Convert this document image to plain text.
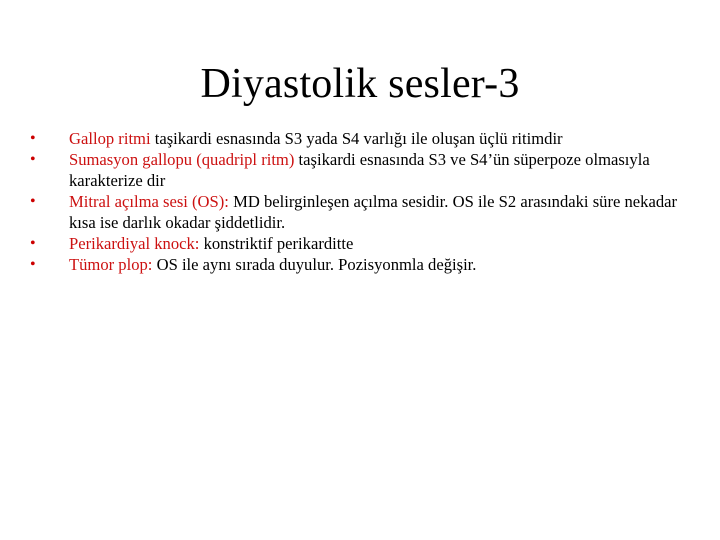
Diyastolik sesler-3
• Gallop ritmi taşikardi esnasında S3 yada S4 varlığı ile oluşan üçlü ritimdir
• Sumasyon gallopu (quadripl ritm) taşikardi esnasında S3 ve S4’ün süperpoze olmasıyla karakterize dir
• Mitral açılma sesi (OS): MD belirginleşen açılma sesidir. OS ile S2 arasındaki süre nekadar kısa ise darlık okadar şiddetlidir.
• Perikardiyal knock: konstriktif perikarditte
• Tümor plop: OS ile aynı sırada duyulur. Pozisyonmla değişir.
